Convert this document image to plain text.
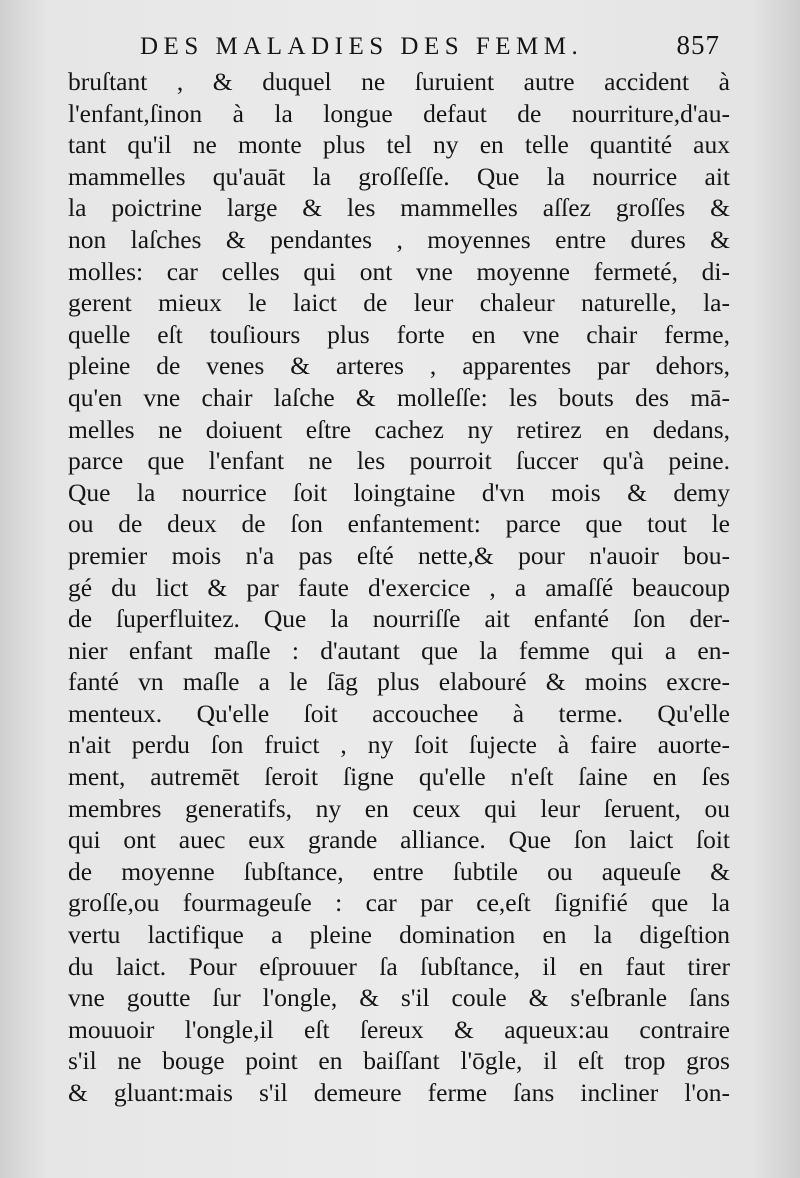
DES MALADIES DES FEMM.	857
bruſtant , & duquel ne ſuruient autre accident à
l'enfant,ſinon à la longue defaut de nourriture,d'au-
tant qu'il ne monte plus tel ny en telle quantité aux
mammelles qu'auāt la groſſeſſe. Que la nourrice ait
la poictrine large & les mammelles aſſez groſſes &
non laſches & pendantes , moyennes entre dures &
molles: car celles qui ont vne moyenne fermeté, di-
gerent mieux le laict de leur chaleur naturelle, la-
quelle eſt touſiours plus forte en vne chair ferme,
pleine de venes & arteres , apparentes par dehors,
qu'en vne chair laſche & molleſſe: les bouts des mā-
melles ne doiuent eſtre cachez ny retirez en dedans,
parce que l'enfant ne les pourroit ſuccer qu'à peine.
Que la nourrice ſoit loingtaine d'vn mois & demy
ou de deux de ſon enfantement: parce que tout le
premier mois n'a pas eſté nette,& pour n'auoir bou-
gé du lict & par faute d'exercice , a amaſſé beaucoup
de ſuperfluitez. Que la nourriſſe ait enfanté ſon der-
nier enfant maſle : d'autant que la femme qui a en-
fanté vn maſle a le ſāg plus elabouré & moins excre-
menteux. Qu'elle ſoit accouchee à terme. Qu'elle
n'ait perdu ſon fruict , ny ſoit ſujecte à faire auorte-
ment, autremēt ſeroit ſigne qu'elle n'eſt ſaine en ſes
membres generatifs, ny en ceux qui leur ſeruent, ou
qui ont auec eux grande alliance. Que ſon laict ſoit
de moyenne ſubſtance, entre ſubtile ou aqueuſe &
groſſe,ou fourmageuſe : car par ce,eſt ſignifié que la
vertu lactifique a pleine domination en la digeſtion
du laict. Pour eſprouuer ſa ſubſtance, il en faut tirer
vne goutte ſur l'ongle, & s'il coule & s'eſbranle ſans
mouuoir l'ongle,il eſt ſereux & aqueux:au contraire
s'il ne bouge point en baiſſant l'ōgle, il eſt trop gros
& gluant:mais s'il demeure ferme ſans incliner l'on-
